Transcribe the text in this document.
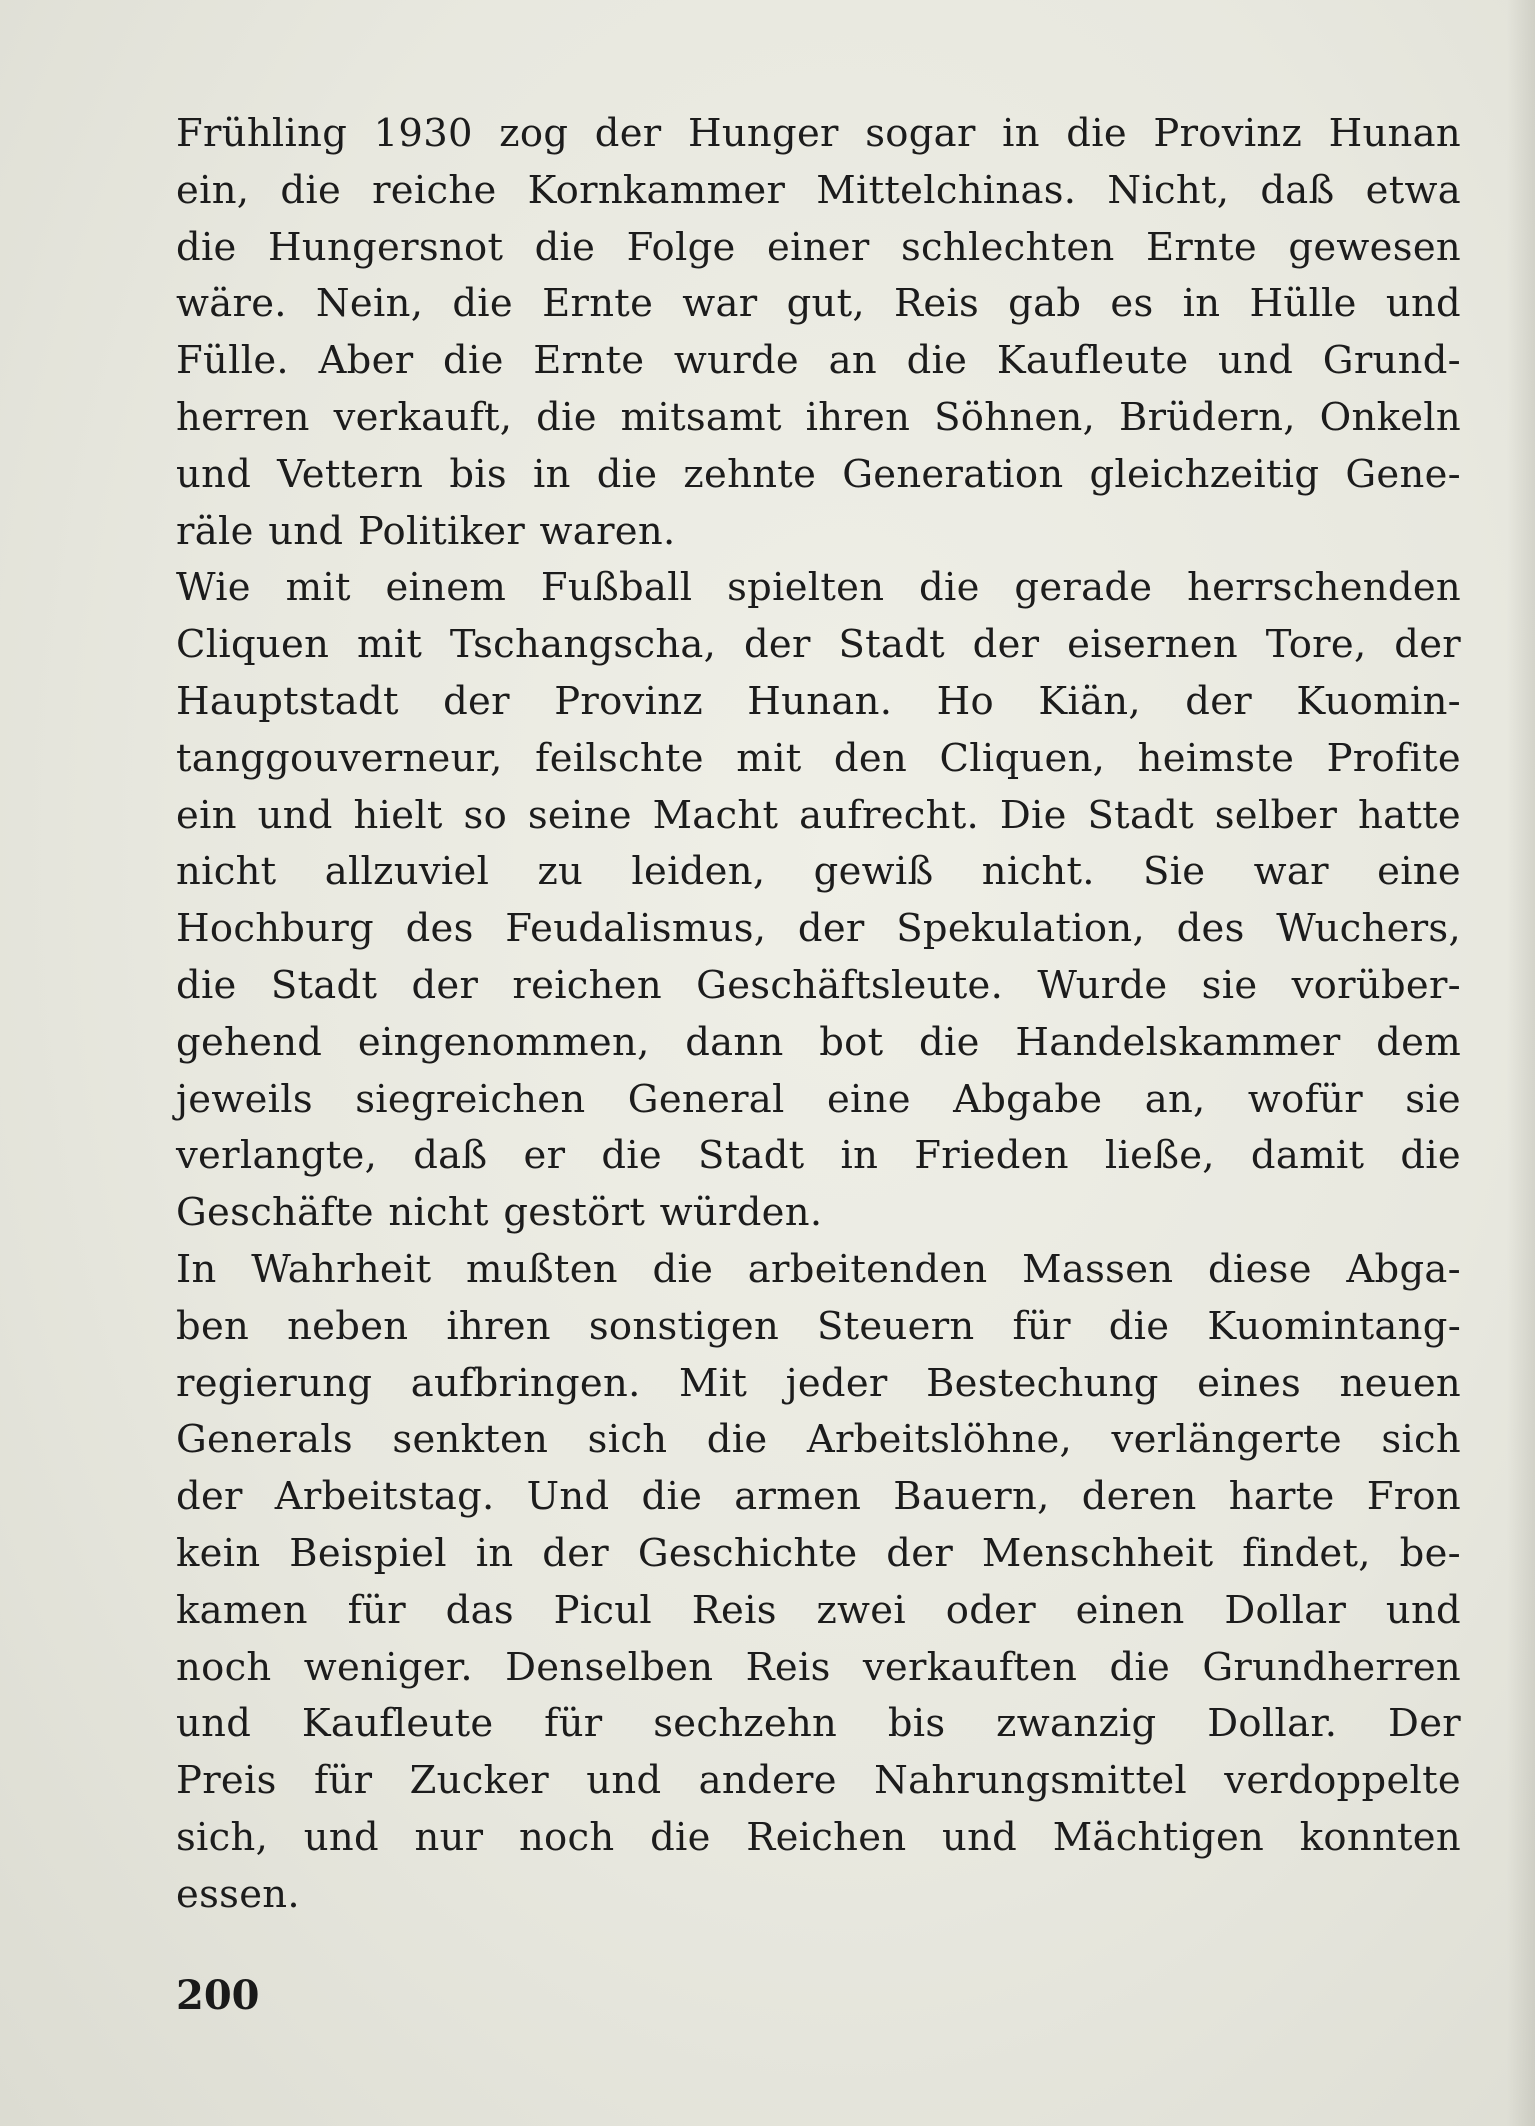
Frühling 1930 zog der Hunger sogar in die Provinz Hunan
ein, die reiche Kornkammer Mittelchinas. Nicht, daß etwa
die Hungersnot die Folge einer schlechten Ernte gewesen
wäre. Nein, die Ernte war gut, Reis gab es in Hülle und
Fülle. Aber die Ernte wurde an die Kaufleute und Grund-
herren verkauft, die mitsamt ihren Söhnen, Brüdern, Onkeln
und Vettern bis in die zehnte Generation gleichzeitig Gene-
räle und Politiker waren.
Wie mit einem Fußball spielten die gerade herrschenden
Cliquen mit Tschangscha, der Stadt der eisernen Tore, der
Hauptstadt der Provinz Hunan. Ho Kiän, der Kuomin-
tanggouverneur, feilschte mit den Cliquen, heimste Profite
ein und hielt so seine Macht aufrecht. Die Stadt selber hatte
nicht allzuviel zu leiden, gewiß nicht. Sie war eine
Hochburg des Feudalismus, der Spekulation, des Wuchers,
die Stadt der reichen Geschäftsleute. Wurde sie vorüber-
gehend eingenommen, dann bot die Handelskammer dem
jeweils siegreichen General eine Abgabe an, wofür sie
verlangte, daß er die Stadt in Frieden ließe, damit die
Geschäfte nicht gestört würden.
In Wahrheit mußten die arbeitenden Massen diese Abga-
ben neben ihren sonstigen Steuern für die Kuomintang-
regierung aufbringen. Mit jeder Bestechung eines neuen
Generals senkten sich die Arbeitslöhne, verlängerte sich
der Arbeitstag. Und die armen Bauern, deren harte Fron
kein Beispiel in der Geschichte der Menschheit findet, be-
kamen für das Picul Reis zwei oder einen Dollar und
noch weniger. Denselben Reis verkauften die Grundherren
und Kaufleute für sechzehn bis zwanzig Dollar. Der
Preis für Zucker und andere Nahrungsmittel verdoppelte
sich, und nur noch die Reichen und Mächtigen konnten
essen.
200
